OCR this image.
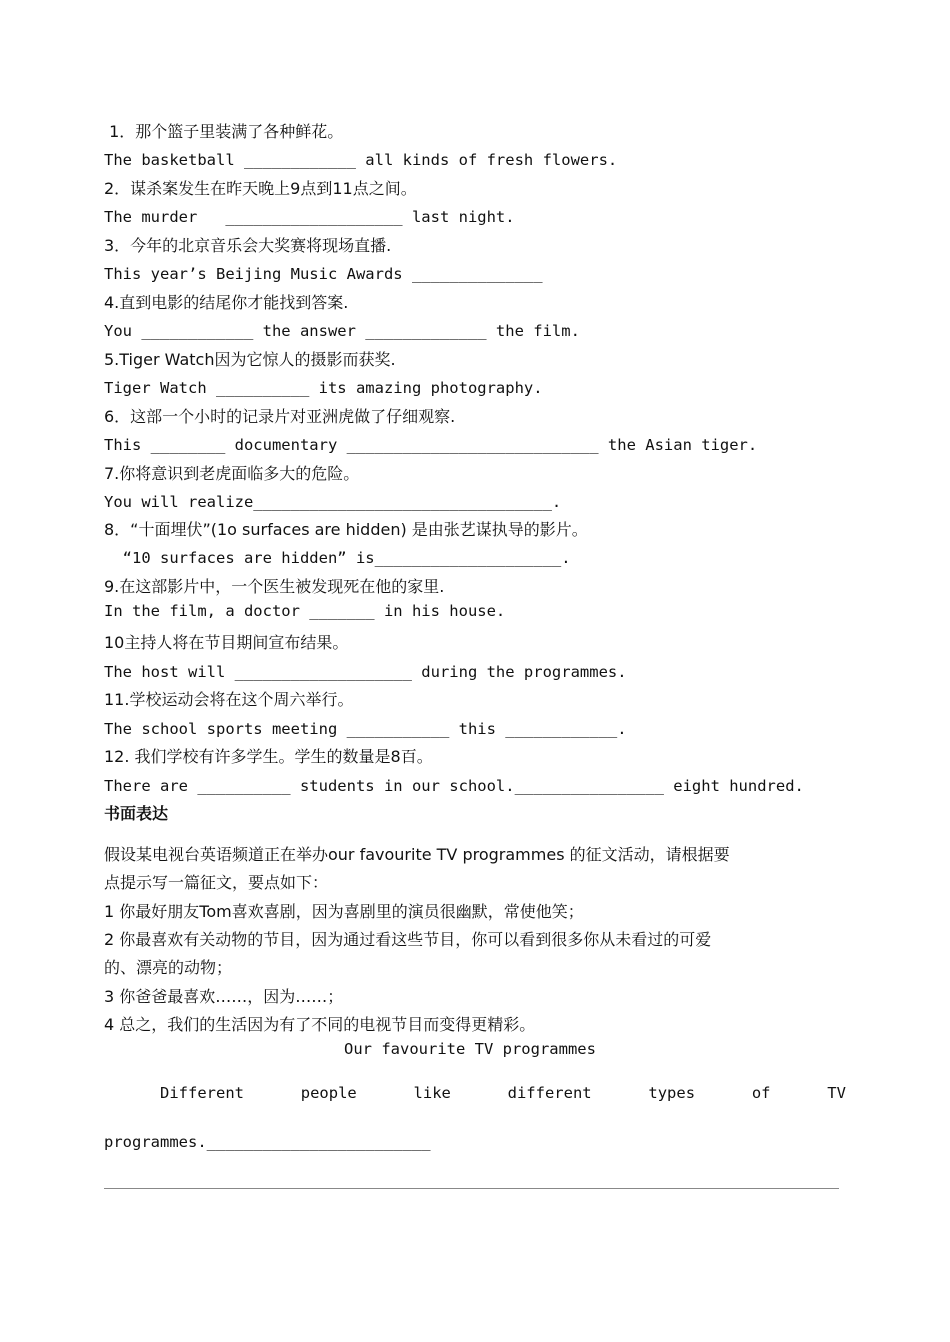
1．那个篮子里装满了各种鲜花。
The basketball ____________ all kinds of fresh flowers.
2．谋杀案发生在昨天晚上9点到11点之间。
The murder   ___________________ last night.
3．今年的北京音乐会大奖赛将现场直播.
This year’s Beijing Music Awards ______________
4.直到电影的结尾你才能找到答案.
You ____________ the answer _____________ the film.
5.Tiger Watch因为它惊人的摄影而获奖.
Tiger Watch __________ its amazing photography.
6．这部一个小时的记录片对亚洲虎做了仔细观察.
This ________ documentary ___________________________ the Asian tiger.
7.你将意识到老虎面临多大的危险。
You will realize________________________________.
8．“十面埋伏”(1o surfaces are hidden) 是由张艺谋执导的影片。
“10 surfaces are hidden” is____________________.
9.在这部影片中，一个医生被发现死在他的家里.
In the film, a doctor _______ in his house.
10主持人将在节目期间宣布结果。
The host will ___________________ during the programmes.
11.学校运动会将在这个周六举行。
The school sports meeting ___________ this ____________.
12. 我们学校有许多学生。学生的数量是8百。
There are __________ students in our school.________________ eight hundred.
书面表达
假设某电视台英语频道正在举办our favourite TV programmes 的征文活动，请根据要
点提示写一篇征文，要点如下：
1 你最好朋友Tom喜欢喜剧，因为喜剧里的演员很幽默，常使他笑；
2 你最喜欢有关动物的节目，因为通过看这些节目，你可以看到很多你从未看过的可爱
的、漂亮的动物；
3 你爸爸最喜欢……，因为……；
4 总之，我们的生活因为有了不同的电视节目而变得更精彩。
Our favourite TV programmes
Different	people	like	different	types	of	TV
programmes.________________________
